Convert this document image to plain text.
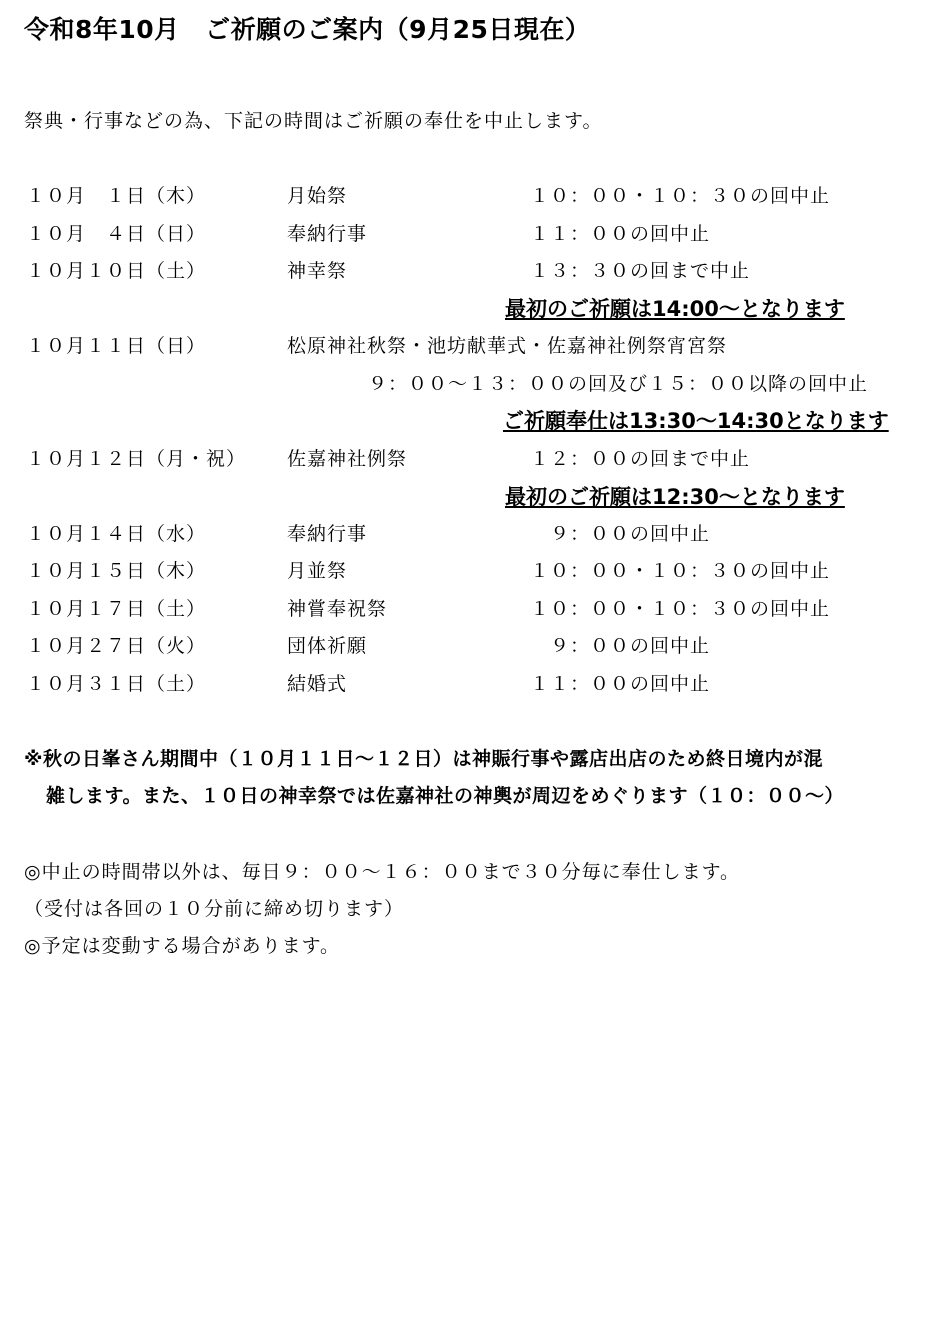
令和8年10月　ご祈願のご案内（9月25日現在）
祭典・行事などの為、下記の時間はご祈願の奉仕を中止します。
１０月　１日（木）	月始祭	１０：００・１０：３０の回中止
１０月　４日（日）	奉納行事	１１：００の回中止
１０月１０日（土）	神幸祭	１３：３０の回まで中止
最初のご祈願は14:00～となります
１０月１１日（日）	松原神社秋祭・池坊献華式・佐嘉神社例祭宵宮祭
９：００～１３：００の回及び１５：００以降の回中止
ご祈願奉仕は13:30～14:30となります
１０月１２日（月・祝） 佐嘉神社例祭	１２：００の回まで中止
最初のご祈願は12:30～となります
１０月１４日（水）	奉納行事	　９：００の回中止
１０月１５日（木）	月並祭	１０：００・１０：３０の回中止
１０月１７日（土）	神嘗奉祝祭	１０：００・１０：３０の回中止
１０月２７日（火）	団体祈願	　９：００の回中止
１０月３１日（土）	結婚式	１１：００の回中止
※秋の日峯さん期間中（１０月１１日～１２日）は神賑行事や露店出店のため終日境内が混
雑します。また、１０日の神幸祭では佐嘉神社の神輿が周辺をめぐります（１０：００～）
◎中止の時間帯以外は、毎日９：００～１６：００まで３０分毎に奉仕します。
（受付は各回の１０分前に締め切ります）
◎予定は変動する場合があります。
